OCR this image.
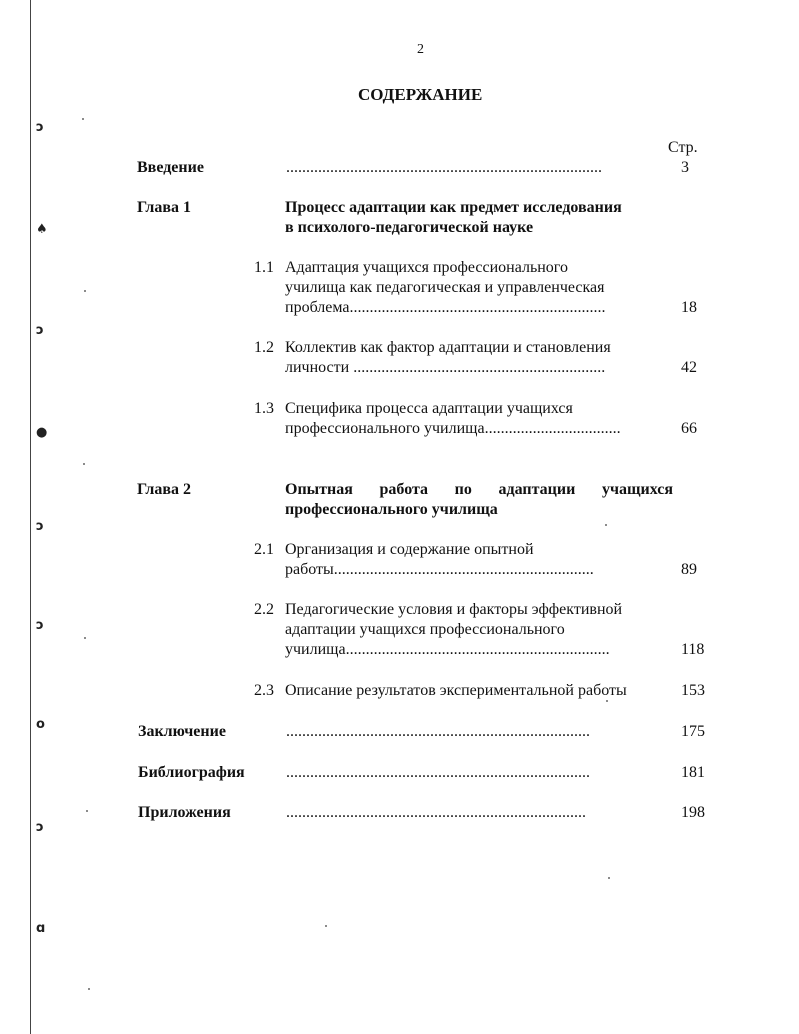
ↄ
♠
ɔ
●
ɔ
ɔ
o
ɔ
ɑ
2
СОДЕРЖАНИЕ
Стр.
Введение	...............................................................................	3
Глава 1	Процесс адаптации как предмет исследования
в психолого-педагогической науке
1.1 Адаптация учащихся профессионального
училища как педагогическая и управленческая
проблема................................................................	18
1.2 Коллектив как фактор адаптации и становления
личности ...............................................................	42
1.3 Специфика процесса адаптации учащихся
профессионального училища..................................	66
Глава 2	Опытная работа по адаптации учащихся
профессионального училища
2.1 Организация и содержание опытной
работы.................................................................	89
2.2 Педагогические условия и факторы эффективной
адаптации учащихся профессионального
училища..................................................................	118
2.3 Описание результатов экспериментальной работы	153
Заключение	............................................................................	175
Библиография	............................................................................	181
Приложения	...........................................................................	198
